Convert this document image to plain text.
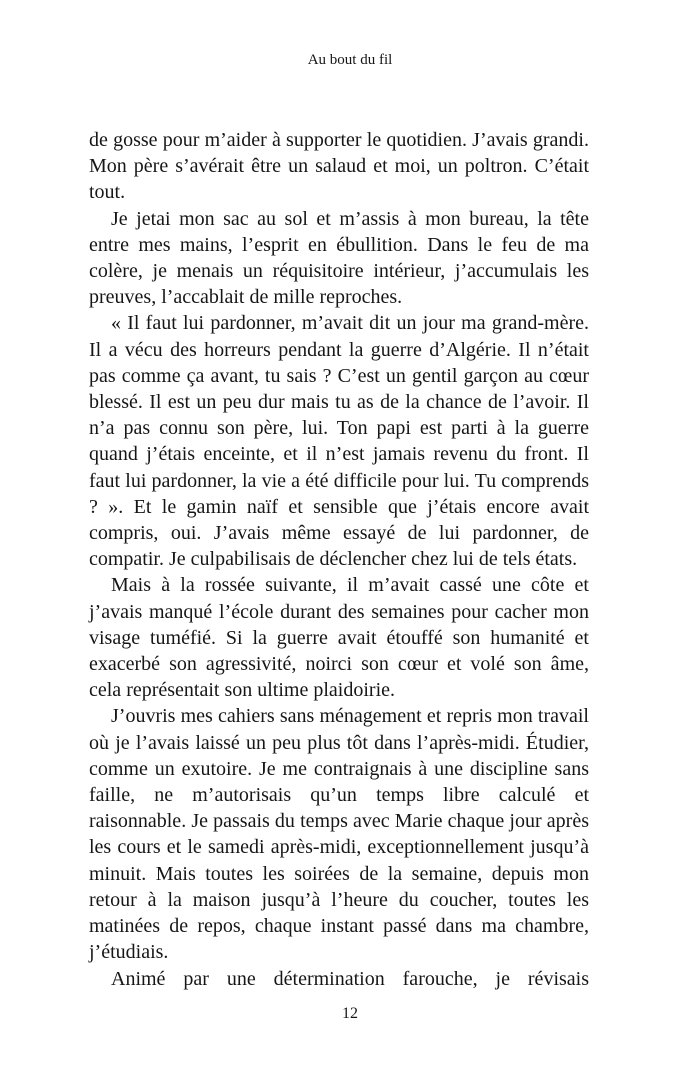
Au bout du fil

de gosse pour m’aider à supporter le quotidien. J’avais grandi. Mon père s’avérait être un salaud et moi, un poltron. C’était tout.

Je jetai mon sac au sol et m’assis à mon bureau, la tête entre mes mains, l’esprit en ébullition. Dans le feu de ma colère, je menais un réquisitoire intérieur, j’accumulais les preuves, l’accablait de mille reproches.

« Il faut lui pardonner, m’avait dit un jour ma grand-mère. Il a vécu des horreurs pendant la guerre d’Algérie. Il n’était pas comme ça avant, tu sais ? C’est un gentil garçon au cœur blessé. Il est un peu dur mais tu as de la chance de l’avoir. Il n’a pas connu son père, lui. Ton papi est parti à la guerre quand j’étais enceinte, et il n’est jamais revenu du front. Il faut lui pardonner, la vie a été difficile pour lui. Tu comprends ? ». Et le gamin naïf et sensible que j’étais encore avait compris, oui. J’avais même essayé de lui pardonner, de compatir. Je culpabilisais de déclencher chez lui de tels états.

Mais à la rossée suivante, il m’avait cassé une côte et j’avais manqué l’école durant des semaines pour cacher mon visage tuméfié. Si la guerre avait étouffé son humanité et exacerbé son agressivité, noirci son cœur et volé son âme, cela représentait son ultime plaidoirie.

J’ouvris mes cahiers sans ménagement et repris mon travail où je l’avais laissé un peu plus tôt dans l’après-midi. Étudier, comme un exutoire. Je me contraignais à une discipline sans faille, ne m’autorisais qu’un temps libre calculé et raisonnable. Je passais du temps avec Marie chaque jour après les cours et le samedi après-midi, exceptionnellement jusqu’à minuit. Mais toutes les soirées de la semaine, depuis mon retour à la maison jusqu’à l’heure du coucher, toutes les matinées de repos, chaque instant passé dans ma chambre, j’étudiais.

Animé par une détermination farouche, je révisais

12
